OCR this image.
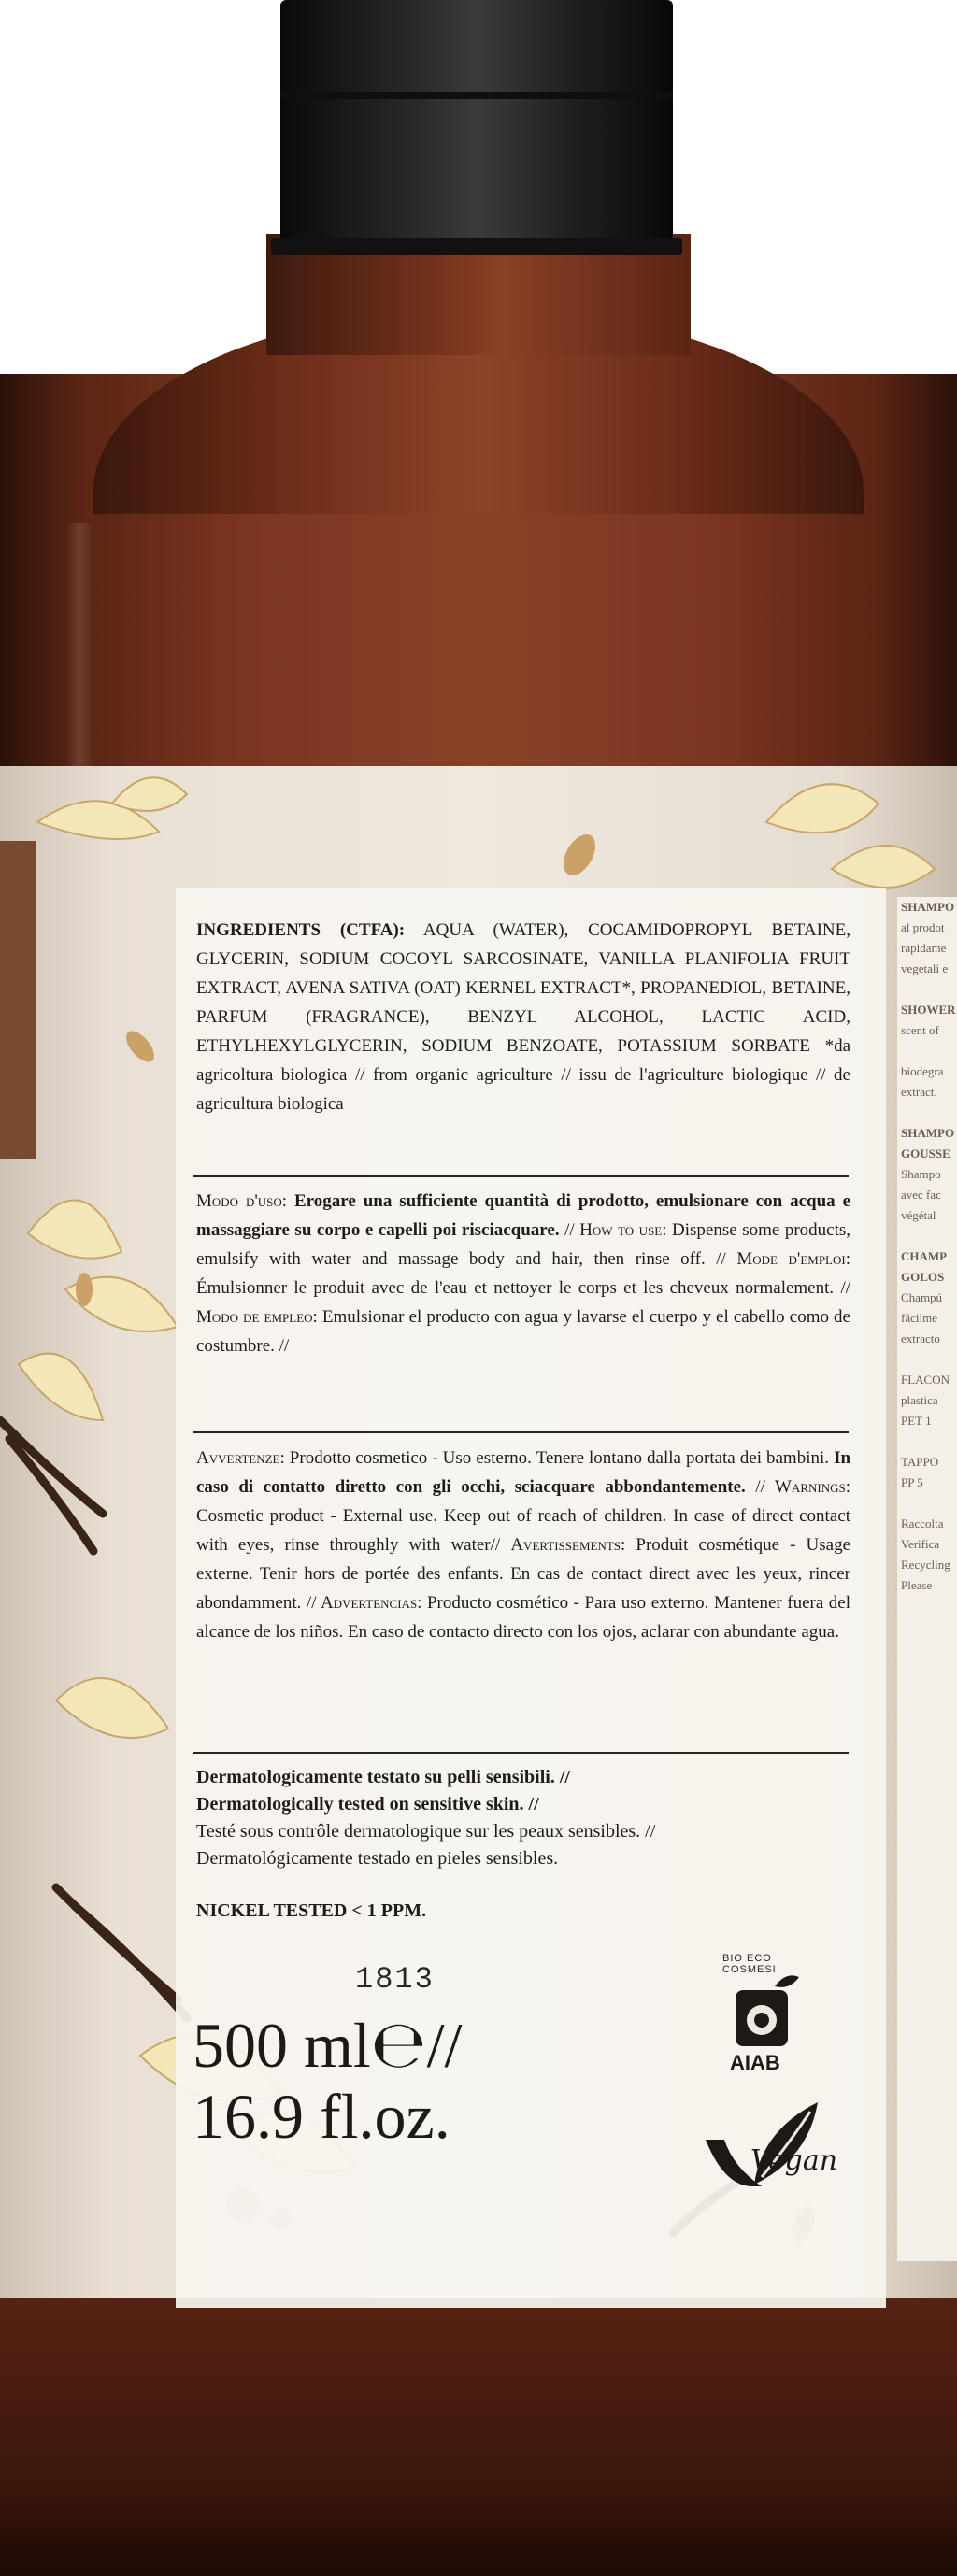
SHAMPO
al prodot
rapidame
vegetali e

SHOWER
scent of

biodegra
extract.

SHAMPO
GOUSSE
Shampo
avec fac
végétal

CHAMP
GOLOS
Champú
fácilme
extracto

FLACON
plastica
PET 1

TAPPO
PP 5

Raccolta
Verifica
Recycling
Please
INGREDIENTS (CTFA): AQUA (WATER), COCAMIDOPROPYL BETAINE, GLYCERIN, SODIUM COCOYL SARCOSINATE, VANILLA PLANIFOLIA FRUIT EXTRACT, AVENA SATIVA (OAT) KERNEL EXTRACT*, PROPANEDIOL, BETAINE, PARFUM (FRAGRANCE), BENZYL ALCOHOL, LACTIC ACID, ETHYLHEXYLGLYCERIN, SODIUM BENZOATE, POTASSIUM SORBATE *da agricoltura biologica // from organic agriculture // issu de l'agriculture biologique // de agricultura biologica
Modo d'uso: Erogare una sufficiente quantità di prodotto, emulsionare con acqua e massaggiare su corpo e capelli poi risciacquare. // How to use: Dispense some products, emulsify with water and massage body and hair, then rinse off. // Mode d'emploi: Émulsionner le produit avec de l'eau et nettoyer le corps et les cheveux normalement. // Modo de empleo: Emulsionar el producto con agua y lavarse el cuerpo y el cabello como de costumbre. //
Avvertenze: Prodotto cosmetico - Uso esterno. Tenere lontano dalla portata dei bambini. In caso di contatto diretto con gli occhi, sciacquare abbondantemente. // Warnings: Cosmetic product - External use. Keep out of reach of children. In case of direct contact with eyes, rinse throughly with water// Avertissements: Produit cosmétique - Usage externe. Tenir hors de portée des enfants. En cas de contact direct avec les yeux, rincer abondamment. // Advertencias: Producto cosmético - Para uso externo. Mantener fuera del alcance de los niños. En caso de contacto directo con los ojos, aclarar con abundante agua.
Dermatologicamente testato su pelli sensibili. //
Dermatologically tested on sensitive skin. //
Testé sous contrôle dermatologique sur les peaux sensibles. //
Dermatológicamente testado en pieles sensibles.
NICKEL TESTED < 1 PPM.
1813
500 ml℮//
16.9 fl.oz.
BIO ECO COSMESI
AIAB
Vegan
